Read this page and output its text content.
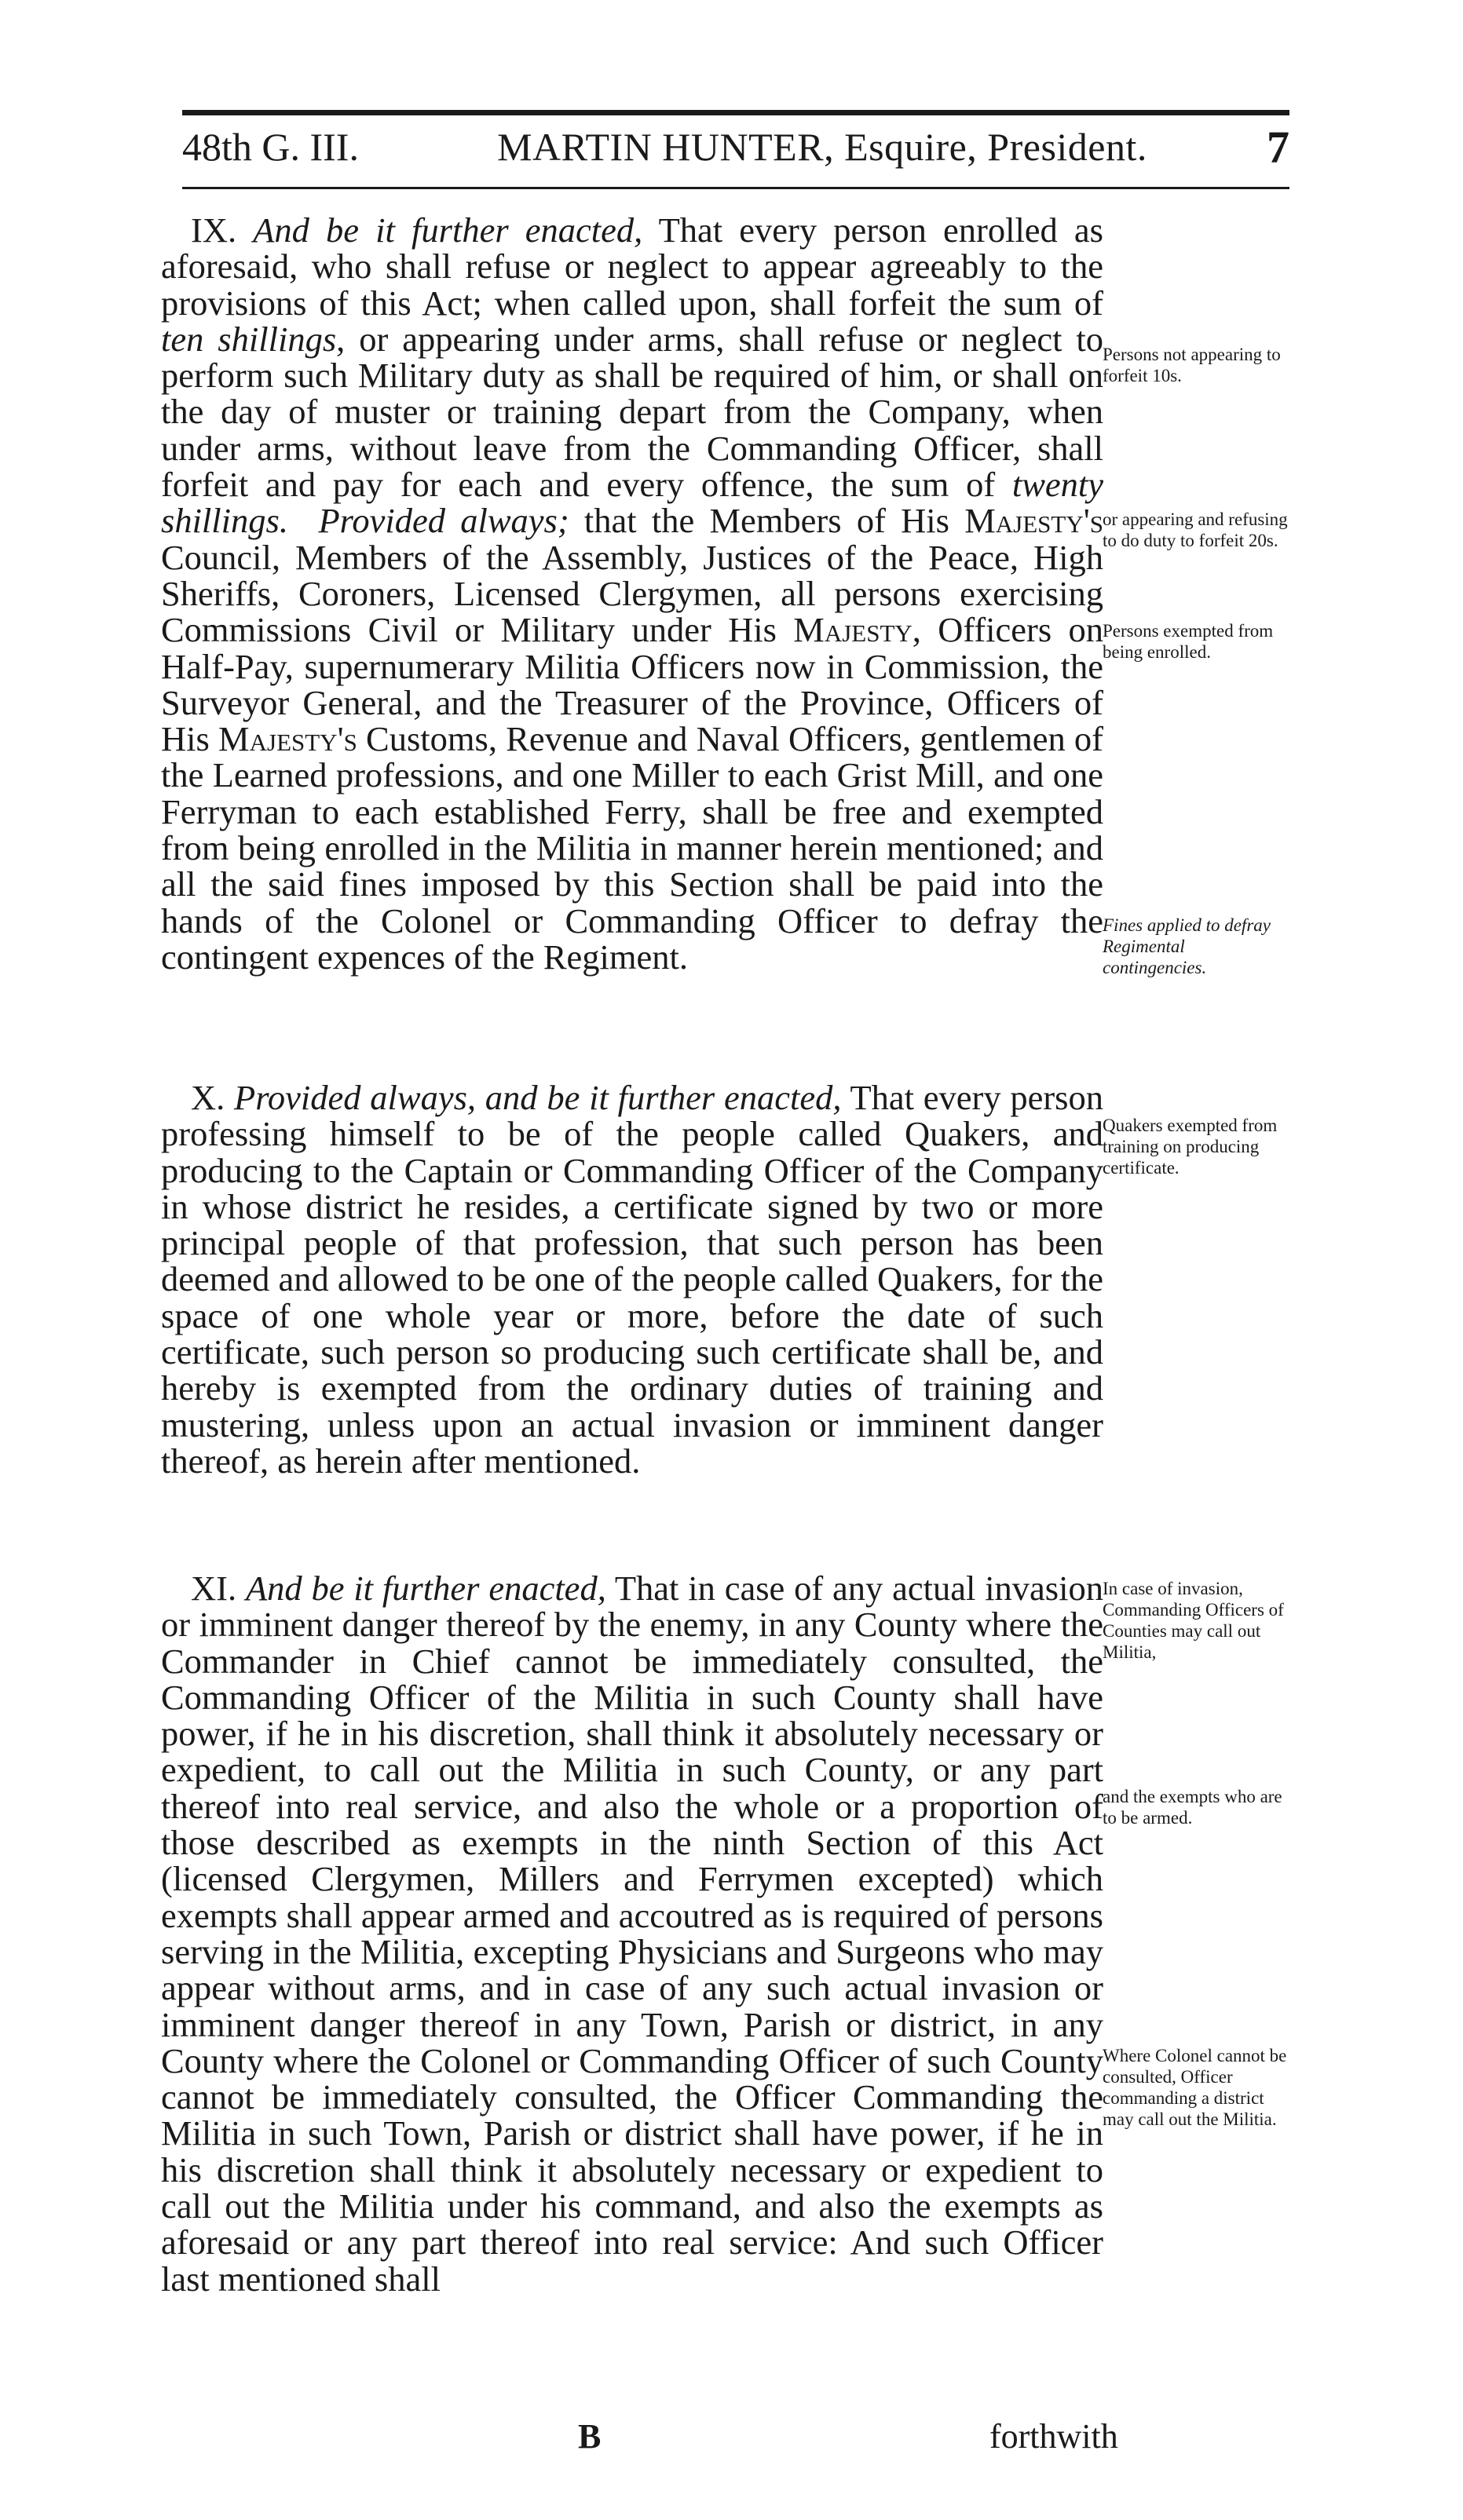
48th G. III.	MARTIN HUNTER, Esquire, President.	7

IX. And be it further enacted, That every person enrolled as aforesaid, who shall refuse or neglect to appear agreeably to the provisions of this Act; when called upon, shall forfeit the sum of ten shillings, or appearing under arms, shall refuse or neglect to perform such Military duty as shall be required of him, or shall on the day of muster or training depart from the Company, when under arms, without leave from the Commanding Officer, shall forfeit and pay for each and every offence, the sum of twenty shillings. Provided always; that the Members of His Majesty's Council, Members of the Assembly, Justices of the Peace, High Sheriffs, Coroners, Licensed Clergymen, all persons exercising Commissions Civil or Military under His Majesty, Officers on Half-Pay, supernumerary Militia Officers now in Commission, the Surveyor General, and the Treasurer of the Province, Officers of His Majesty's Customs, Revenue and Naval Officers, gentlemen of the Learned professions, and one Miller to each Grist Mill, and one Ferryman to each established Ferry, shall be free and exempted from being enrolled in the Militia in manner herein mentioned; and all the said fines imposed by this Section shall be paid into the hands of the Colonel or Commanding Officer to defray the contingent expences of the Regiment.

X. Provided always, and be it further enacted, That every person professing himself to be of the people called Quakers, and producing to the Captain or Commanding Officer of the Company in whose district he resides, a certificate signed by two or more principal people of that profession, that such person has been deemed and allowed to be one of the people called Quakers, for the space of one whole year or more, before the date of such certificate, such person so producing such certificate shall be, and hereby is exempted from the ordinary duties of training and mustering, unless upon an actual invasion or imminent danger thereof, as herein after mentioned.

XI. And be it further enacted, That in case of any actual invasion or imminent danger thereof by the enemy, in any County where the Commander in Chief cannot be immediately consulted, the Commanding Officer of the Militia in such County shall have power, if he in his discretion, shall think it absolutely necessary or expedient, to call out the Militia in such County, or any part thereof into real service, and also the whole or a proportion of those described as exempts in the ninth Section of this Act (licensed Clergymen, Millers and Ferrymen excepted) which exempts shall appear armed and accoutred as is required of persons serving in the Militia, excepting Physicians and Surgeons who may appear without arms, and in case of any such actual invasion or imminent danger thereof in any Town, Parish or district, in any County where the Colonel or Commanding Officer of such County cannot be immediately consulted, the Officer Commanding the Militia in such Town, Parish or district shall have power, if he in his discretion shall think it absolutely necessary or expedient to call out the Militia under his command, and also the exempts as aforesaid or any part thereof into real service: And such Officer last mentioned shall

Persons not appearing to forfeit 10s.
or appearing and refusing to do duty to forfeit 20s.
Persons exempted from being enrolled.
Fines applied to defray Regimental contingencies.
Quakers exempted from training on producing certificate.
In case of invasion, Commanding Officers of Counties may call out Militia,
and the exempts who are to be armed.
Where Colonel cannot be consulted, Officer commanding a district may call out the Militia.
B	forthwith
